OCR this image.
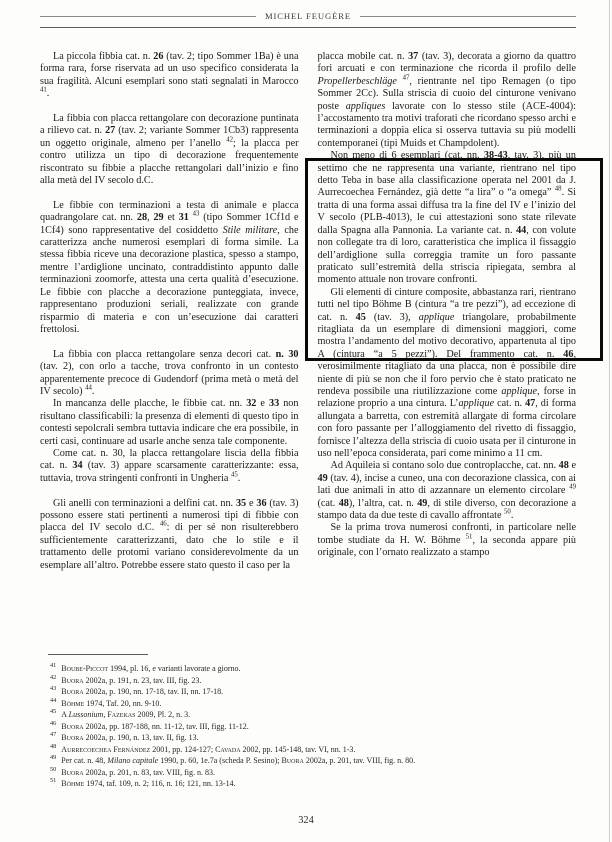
MICHEL FEUGÈRE

La piccola fibbia cat. n. 26 (tav. 2; tipo Sommer 1Ba) è una forma rara, forse riservata ad un uso specifico considerata la sua fragilità. Alcuni esemplari sono stati segnalati in Marocco $^{41}$.

La fibbia con placca rettangolare con decorazione puntinata a rilievo cat. n. 27 (tav. 2; variante Sommer 1Cb3) rappresenta un oggetto originale, almeno per l’anello $^{42}$; la placca per contro utilizza un tipo di decorazione frequentemente riscontrato su fibbie a placche rettangolari dall’inizio e fino alla metà del IV secolo d.C.

Le fibbie con terminazioni a testa di animale e placca quadrangolare cat. nn. 28, 29 et 31 $^{43}$ (tipo Sommer 1Cf1d e 1Cf4) sono rappresentative del cosiddetto Stile militare, che caratterizza anche numerosi esemplari di forma simile. La stessa fibbia riceve una decorazione plastica, spesso a stampo, mentre l’ardiglione uncinato, contraddistinto appunto dalle terminazioni zoomorfe, attesta una certa qualità d’esecuzione. Le fibbie con placche a decorazione punteggiata, invece, rappresentano produzioni seriali, realizzate con grande risparmio di materia e con un’esecuzione dai caratteri frettolosi.

La fibbia con placca rettangolare senza decori cat. n. 30 (tav. 2), con orlo a tacche, trova confronto in un contesto apparentemente precoce di Gudendorf (prima metà o metà del IV secolo) $^{44}$.

In mancanza delle placche, le fibbie cat. nn. 32 e 33 non risultano classificabili: la presenza di elementi di questo tipo in contesti sepolcrali sembra tuttavia indicare che era possibile, in certi casi, continuare ad usarle anche senza tale componente.

Come cat. n. 30, la placca rettangolare liscia della fibbia cat. n. 34 (tav. 3) appare scarsamente caratterizzante: essa, tuttavia, trova stringenti confronti in Ungheria $^{45}$.

Gli anelli con terminazioni a delfini cat. nn. 35 e 36 (tav. 3) possono essere stati pertinenti a numerosi tipi di fibbie con placca del IV secolo d.C. $^{46}$: di per sé non risulterebbero sufficientemente caratterizzanti, dato che lo stile e il trattamento delle protomi variano considerevolmente da un esemplare all’altro. Potrebbe essere stato questo il caso per la

placca mobile cat. n. 37 (tav. 3), decorata a giorno da quattro fori arcuati e con terminazione che ricorda il profilo delle Propellerbeschläge $^{47}$, rientrante nel tipo Remagen (o tipo Sommer 2Cc). Sulla striscia di cuoio del cinturone venivano poste appliques lavorate con lo stesso stile (ACE-4004): l’accostamento tra motivi traforati che ricordano spesso archi e terminazioni a doppia elica si osserva tuttavia su più modelli contemporanei (tipi Muids et Champdolent).

Non meno di 6 esemplari (cat. nn. 38-43, tav. 3), più un settimo che ne rappresenta una variante, rientrano nel tipo detto Teba in base alla classificazione operata nel 2001 da J. Aurrecoechea Fernández, già dette “a lira” o “a omega” $^{48}$. Si tratta di una forma assai diffusa tra la fine del IV e l’inizio del V secolo (PLB-4013), le cui attestazioni sono state rilevate dalla Spagna alla Pannonia. La variante cat. n. 44, con volute non collegate tra di loro, caratteristica che implica il fissaggio dell’ardiglione sulla correggia tramite un foro passante praticato sull’estremità della striscia ripiegata, sembra al momento attuale non trovare confronti.

Gli elementi di cinture composite, abbastanza rari, rientrano tutti nel tipo Böhme B (cintura “a tre pezzi”), ad eccezione di cat. n. 45 (tav. 3), applique triangolare, probabilmente ritagliata da un esemplare di dimensioni maggiori, come mostra l’andamento del motivo decorativo, appartenuta al tipo A (cintura “a 5 pezzi”). Del frammento cat. n. 46, verosimilmente ritagliato da una placca, non è possibile dire niente di più se non che il foro pervio che è stato praticato ne rendeva possibile una riutilizzazione come applique, forse in relazione proprio a una cintura. L’applique cat. n. 47, di forma allungata a barretta, con estremità allargate di forma circolare con foro passante per l’alloggiamento del rivetto di fissaggio, fornisce l’altezza della striscia di cuoio usata per il cinturone in uso nell’epoca considerata, pari come minimo a 11 cm.

Ad Aquileia si contano solo due controplacche, cat. nn. 48 e 49 (tav. 4), incise a cuneo, una con decorazione classica, con ai lati due animali in atto di azzannare un elemento circolare $^{49}$ (cat. 48), l’altra, cat. n. 49, di stile diverso, con decorazione a stampo data da due teste di cavallo affrontate $^{50}$.

Se la prima trova numerosi confronti, in particolare nelle tombe studiate da H. W. Böhme $^{51}$, la seconda appare più originale, con l’ornato realizzato a stampo

$^{41}$ Boube-Piccot 1994, pl. 16, e varianti lavorate a giorno.
$^{42}$ Buora 2002a, p. 191, n. 23, tav. III, fig. 23.
$^{43}$ Buora 2002a, p. 190, nn. 17-18, tav. II, nn. 17-18.
$^{44}$ Böhme 1974, Taf. 20, nn. 9-10.
$^{45}$ A Lussonium, Fazekas 2009, Pl. 2, n. 3.
$^{46}$ Buora 2002a, pp. 187-188, nn. 11-12, tav. III, figg. 11-12.
$^{47}$ Buora 2002a, p. 190, n. 13, tav. II, fig. 13.
$^{48}$ Aurrecoechea Fernández 2001, pp. 124-127; Cavada 2002, pp. 145-148, tav. VI, nn. 1-3.
$^{49}$ Per cat. n. 48, Milano capitale 1990, p. 60, 1e.7a (scheda P. Sesino); Buora 2002a, p. 201, tav. VIII, fig. n. 80.
$^{50}$ Buora 2002a, p. 201, n. 83, tav. VIII, fig. n. 83.
$^{51}$ Böhme 1974, taf. 109, n. 2; 116, n. 16; 121, nn. 13-14.
324
